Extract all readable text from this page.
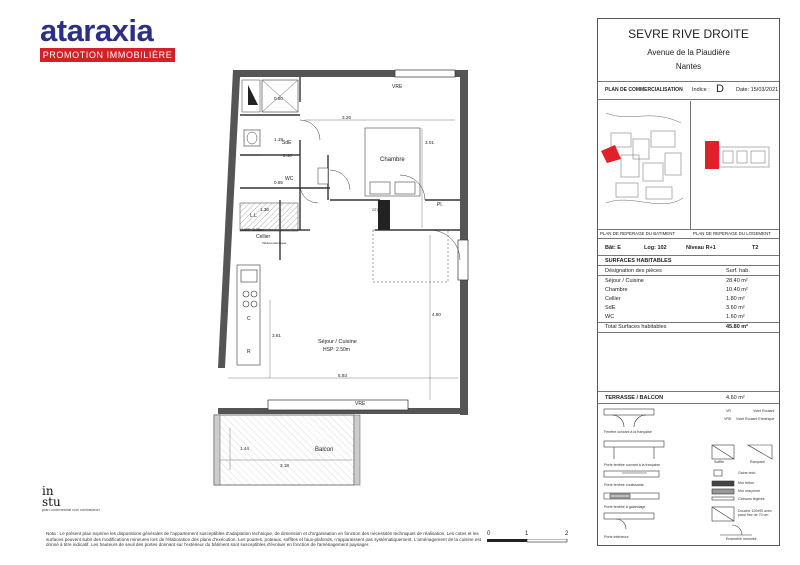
ataraxia
PROMOTION IMMOBILIÈRE
VRE
SdE
WC
Chambre
L.L
HSP: 2.25m
Cellier
Tableau électrique
Séjour / Cuisine
HSP: 2.50m
Balcon
Pl.
GTL
C
R
VRE
3.26
3.01
2.10
1.19
0.80
0.85
1.36
3.81
4.80
5.93
1.44
3.18
in
stu
plan commercial non contractuel
Nota : Le présent plan exprime les dispositions générales de l'appartement susceptibles d'adaptation technique, de dimension et d'organisation en fonction des nécessités techniques de réalisation. Les cotes et les surfaces peuvent subir des modifications mineures lors de l'élaboration des plans d'exécution. Les poutres, poteaux, soffites et faux-plafonds, n'apparaissent pas systématiquement. L'aménagement de la cuisine est donné à titre indicatif. Les hauteurs de seuil des portes donnant sur l'extérieur du bâtiment sont susceptibles d'évoluer en fonction de l'aménagement paysager.
0	1	2
SEVRE RIVE DROITE
Avenue de la Piaudière
Nantes
PLAN DE COMMERCIALISATION Indice : D Date: 15/03/2021
PLAN DE REPERAGE DU BATIMENT	PLAN DE REPERAGE DU LOGEMENT
Bât: E	Log: 102	Niveau R+1	T2
SURFACES HABITABLES
Désignation des pièces	Surf. hab.
Séjour / Cuisine	28.40 m²
Chambre	10.40 m²
Cellier	1.80 m²
SdE	3.60 m²
WC	1.60 m²
Total Surfaces habitables	45.80 m²
TERRASSE / BALCON	4.60 m²
VR	Volet Roulant
VRE Volet Roulant Electrique
Fenêtre ouvrant à la française
Porte fenêtre ouvrant à la française
Soffite	Rampant
Gaine tech.
Mur béton
Mur maçonné
Cloisons légères
Porte fenêtre coulissante
Porte fenêtre à galandage
Douche 120x90 avec paroi fixe de 70 cm
Porte intérieure	Ensemble menuisé
